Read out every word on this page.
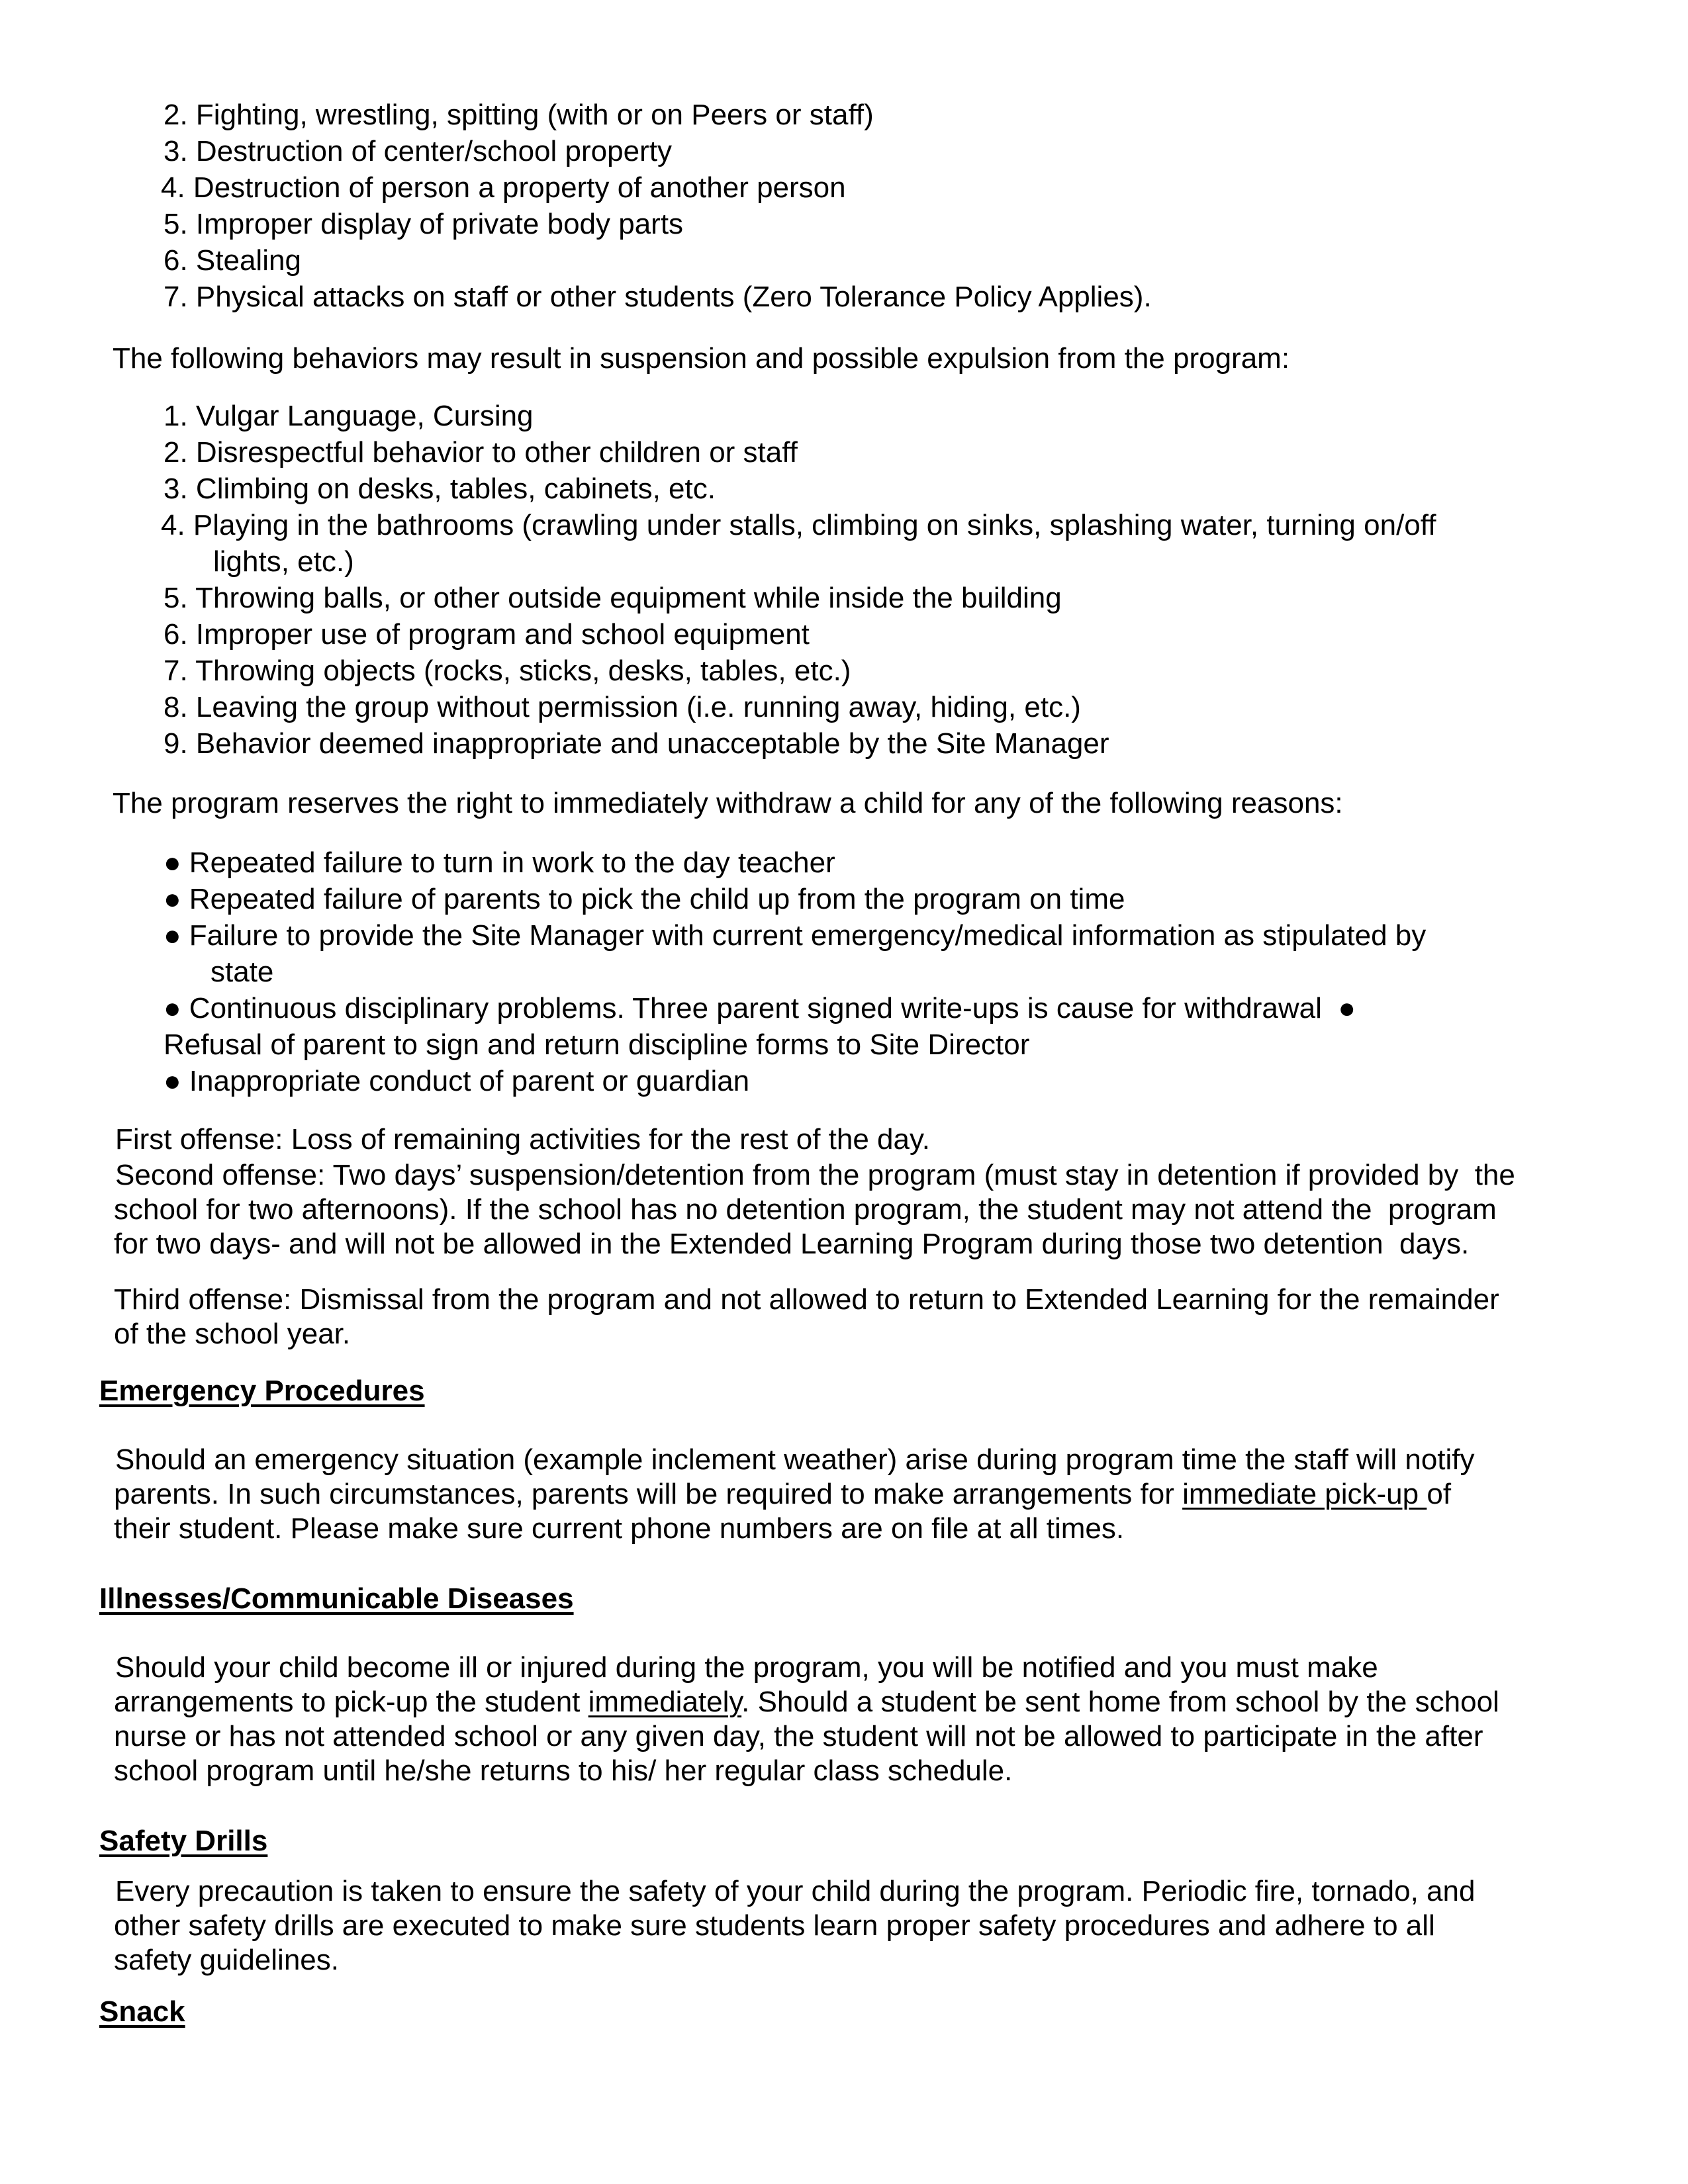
2. Fighting, wrestling, spitting (with or on Peers or staff)
3. Destruction of center/school property
4. Destruction of person a property of another person
5. Improper display of private body parts
6. Stealing
7. Physical attacks on staff or other students (Zero Tolerance Policy Applies).
The following behaviors may result in suspension and possible expulsion from the program:
1. Vulgar Language, Cursing
2. Disrespectful behavior to other children or staff
3. Climbing on desks, tables, cabinets, etc.
4. Playing in the bathrooms (crawling under stalls, climbing on sinks, splashing water, turning on/off
lights, etc.)
5. Throwing balls, or other outside equipment while inside the building
6. Improper use of program and school equipment
7. Throwing objects (rocks, sticks, desks, tables, etc.)
8. Leaving the group without permission (i.e. running away, hiding, etc.)
9. Behavior deemed inappropriate and unacceptable by the Site Manager
The program reserves the right to immediately withdraw a child for any of the following reasons:
● Repeated failure to turn in work to the day teacher
● Repeated failure of parents to pick the child up from the program on time
● Failure to provide the Site Manager with current emergency/medical information as stipulated by
state
● Continuous disciplinary problems. Three parent signed write-ups is cause for withdrawal  ●
Refusal of parent to sign and return discipline forms to Site Director
● Inappropriate conduct of parent or guardian
First offense: Loss of remaining activities for the rest of the day.
Second offense: Two days’ suspension/detention from the program (must stay in detention if provided by  the
school for two afternoons). If the school has no detention program, the student may not attend the  program
for two days- and will not be allowed in the Extended Learning Program during those two detention  days.
Third offense: Dismissal from the program and not allowed to return to Extended Learning for the remainder
of the school year.
Emergency Procedures
Should an emergency situation (example inclement weather) arise during program time the staff will notify
parents. In such circumstances, parents will be required to make arrangements for immediate pick-up of
their student. Please make sure current phone numbers are on file at all times.
Illnesses/Communicable Diseases
Should your child become ill or injured during the program, you will be notified and you must make
arrangements to pick-up the student immediately. Should a student be sent home from school by the school
nurse or has not attended school or any given day, the student will not be allowed to participate in the after
school program until he/she returns to his/ her regular class schedule.
Safety Drills
Every precaution is taken to ensure the safety of your child during the program. Periodic fire, tornado, and
other safety drills are executed to make sure students learn proper safety procedures and adhere to all
safety guidelines.
Snack
